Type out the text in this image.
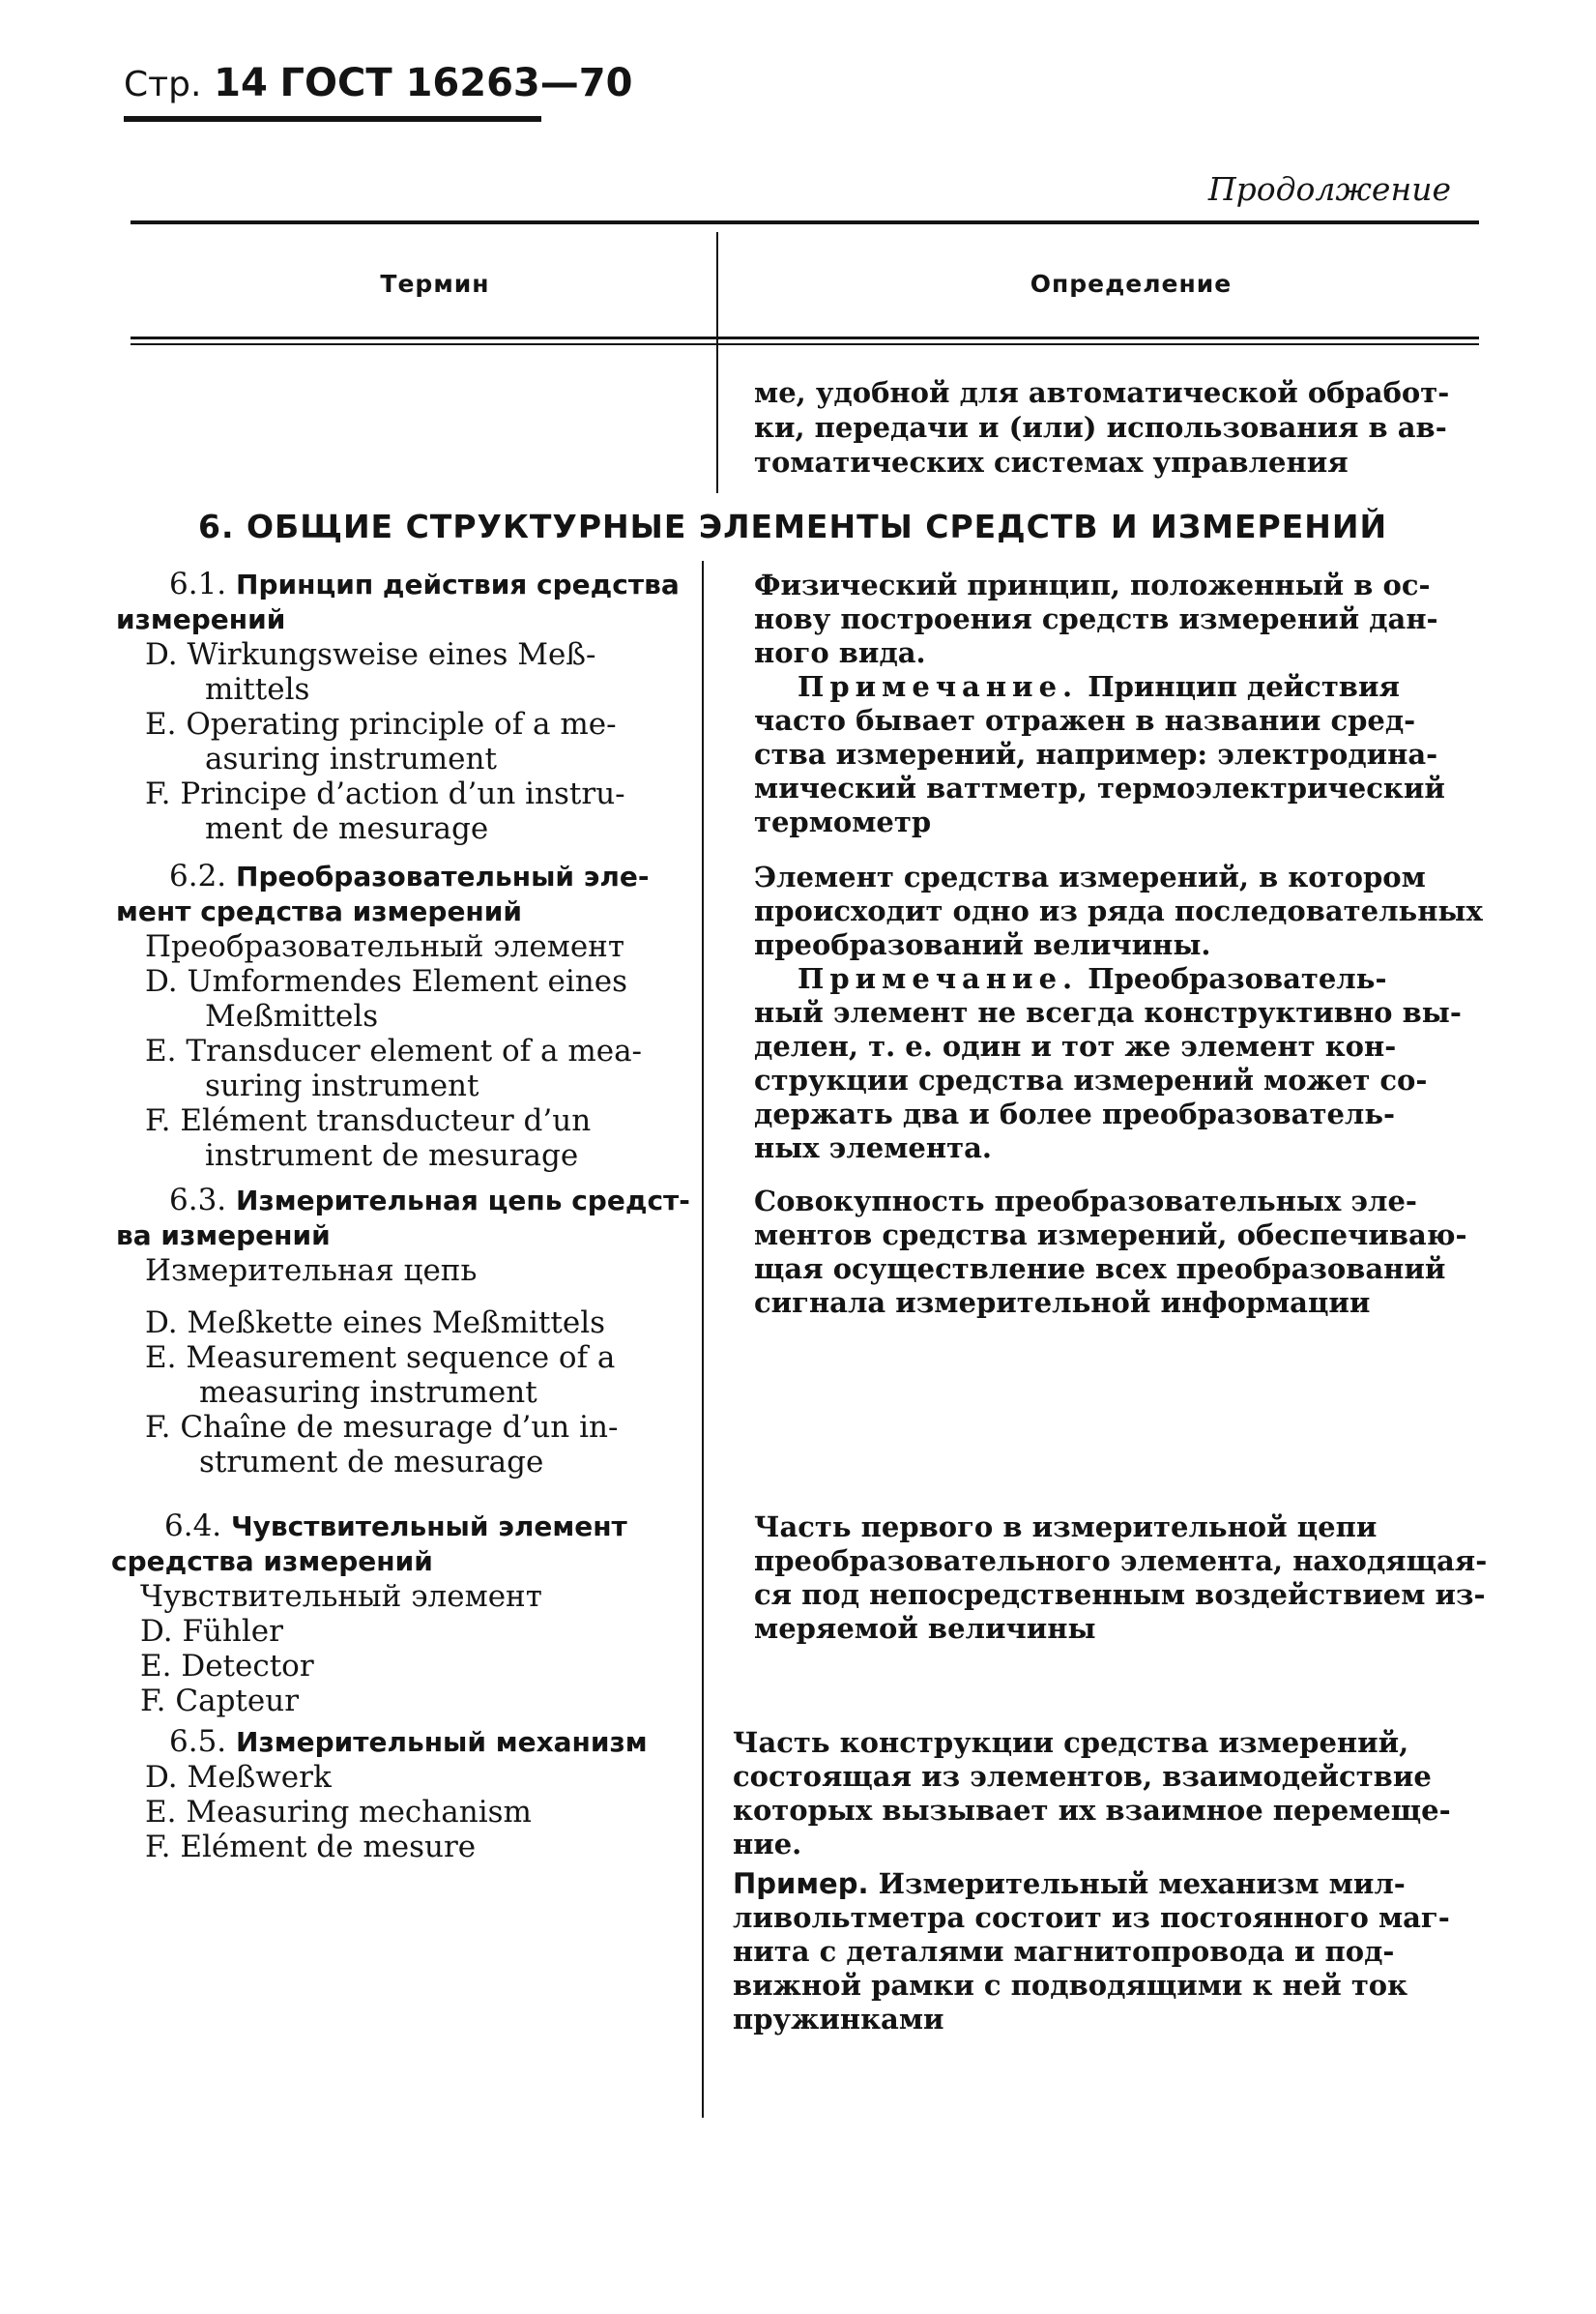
Стр. 14 ГОСТ 16263—70
Продолжение
Термин	Определение
ме, удобной для автоматической обработ-
ки, передачи и (или) использования в ав-
томатических системах управления
6. ОБЩИЕ СТРУКТУРНЫЕ ЭЛЕМЕНТЫ СРЕДСТВ И ИЗМЕРЕНИЙ
6.1. Принцип действия средства
измерений
D. Wirkungsweise eines Meß-
mittels
E. Operating principle of a me-
asuring instrument
F. Principe d’action d’un instru-
ment de mesurage
Физический принцип, положенный в ос-
нову построения средств измерений дан-
ного вида.
Примечание. Принцип действия
часто бывает отражен в названии сред-
ства измерений, например: электродина-
мический ваттметр, термоэлектрический
термометр
6.2. Преобразовательный эле-
мент средства измерений
Преобразовательный элемент
D. Umformendes Element eines
Meßmittels
E. Transducer element of a mea-
suring instrument
F. Elément transducteur d’un
instrument de mesurage
Элемент средства измерений, в котором
происходит одно из ряда последовательных
преобразований величины.
Примечание. Преобразователь-
ный элемент не всегда конструктивно вы-
делен, т. е. один и тот же элемент кон-
струкции средства измерений может со-
держать два и более преобразователь-
ных элемента.
6.3. Измерительная цепь средст-
ва измерений
Измерительная цепь
D. Meßkette eines Meßmittels
E. Measurement sequence of a
measuring instrument
F. Chaîne de mesurage d’un in-
strument de mesurage
Совокупность преобразовательных эле-
ментов средства измерений, обеспечиваю-
щая осуществление всех преобразований
сигнала измерительной информации
6.4. Чувствительный элемент
средства измерений
Чувствительный элемент
D. Fühler
E. Detector
F. Capteur
Часть первого в измерительной цепи
преобразовательного элемента, находящая-
ся под непосредственным воздействием из-
меряемой величины
6.5. Измерительный механизм
D. Meßwerk
E. Measuring mechanism
F. Elément de mesure
Часть конструкции средства измерений,
состоящая из элементов, взаимодействие
которых вызывает их взаимное перемеще-
ние.
Пример. Измерительный механизм мил-
ливольтметра состоит из постоянного маг-
нита с деталями магнитопровода и под-
вижной рамки с подводящими к ней ток
пружинками
